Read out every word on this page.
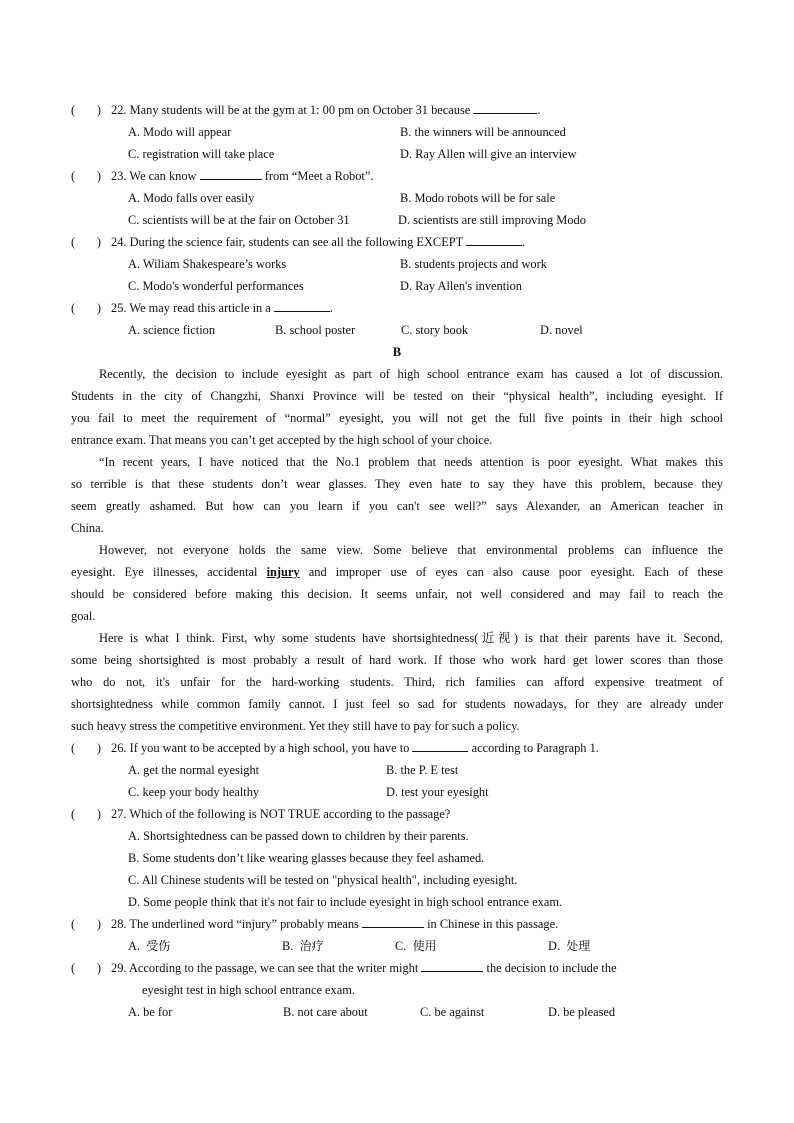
( ) 22. Many students will be at the gym at 1: 00 pm on October 31 because	.
A. Modo will appear	B. the winners will be announced
C. registration will take place	D. Ray Allen will give an interview
( ) 23. We can know	from “Meet a Robot”.
A. Modo falls over easily	B. Modo robots will be for sale
C. scientists will be at the fair on October 31	D. scientists are still improving Modo
( ) 24. During the science fair, students can see all the following EXCEPT	.
A. Wiliam Shakespeare’s works	B. students projects and work
C. Modo's wonderful performances	D. Ray Allen's invention
( ) 25. We may read this article in a	.
A. science fiction	B. school poster	C. story book	D. novel
B
Recently, the decision to include eyesight as part of high school entrance exam has caused a lot of discussion.
Students in the city of Changzhi, Shanxi Province will be tested on their “physical health”, including eyesight. If
you fail to meet the requirement of “normal” eyesight, you will not get the full five points in their high school
entrance exam. That means you can’t get accepted by the high school of your choice.
“In recent years, I have noticed that the No.1 problem that needs attention is poor eyesight. What makes this
so terrible is that these students don’t wear glasses. They even hate to say they have this problem, because they
seem greatly ashamed. But how can you learn if you can't see well?” says Alexander, an American teacher in
China.
However, not everyone holds the same view. Some believe that environmental problems can influence the
eyesight. Eye illnesses, accidental injury and improper use of eyes can also cause poor eyesight. Each of these
should be considered before making this decision. It seems unfair, not well considered and may fail to reach the
goal.
Here is what I think. First, why some students have shortsightedness(近视) is that their parents have it. Second,
some being shortsighted is most probably a result of hard work. If those who work hard get lower scores than those
who do not, it's unfair for the hard-working students. Third, rich families can afford expensive treatment of
shortsightedness while common family cannot. I just feel so sad for students nowadays, for they are already under
such heavy stress the competitive environment. Yet they still have to pay for such a policy.
( ) 26. If you want to be accepted by a high school, you have to	according to Paragraph 1.
A. get the normal eyesight	B. the P. E test
C. keep your body healthy	D. test your eyesight
( ) 27. Which of the following is NOT TRUE according to the passage?
A. Shortsightedness can be passed down to children by their parents.
B. Some students don’t like wearing glasses because they feel ashamed.
C. All Chinese students will be tested on "physical health", including eyesight.
D. Some people think that it's not fair to include eyesight in high school entrance exam.
( ) 28. The underlined word “injury” probably means	in Chinese in this passage.
A. 受伤	B. 治疗	C. 使用	D. 处理
( ) 29. According to the passage, we can see that the writer might	the decision to include the
eyesight test in high school entrance exam.
A. be for	B. not care about	C. be against	D. be pleased
